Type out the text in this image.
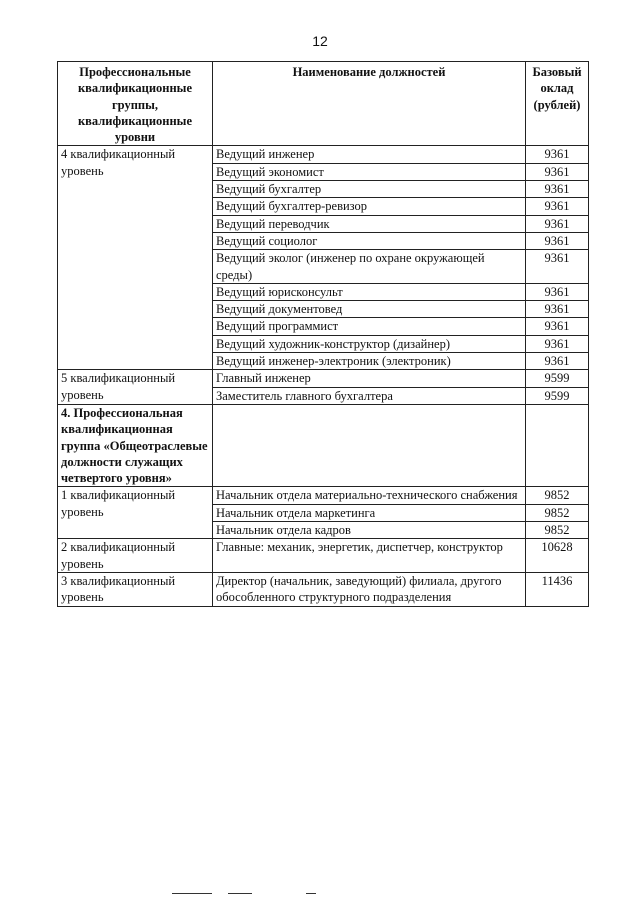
12
Профессиональные квалификационные группы, квалификационные уровни	Наименование должностей	Базовый оклад (рублей)
4 квалификационный уровень	Ведущий инженер	9361
	Ведущий экономист	9361
	Ведущий бухгалтер	9361
	Ведущий бухгалтер-ревизор	9361
	Ведущий переводчик	9361
	Ведущий социолог	9361
	Ведущий эколог (инженер по охране окружающей среды)	9361
	Ведущий юрисконсульт	9361
	Ведущий документовед	9361
	Ведущий программист	9361
	Ведущий художник-конструктор (дизайнер)	9361
	Ведущий инженер-электроник (электроник)	9361
5 квалификационный уровень	Главный инженер	9599
	Заместитель главного бухгалтера	9599
4. Профессиональная квалификационная группа «Общеотраслевые должности служащих четвертого уровня»		
1 квалификационный уровень	Начальник отдела материально-технического снабжения	9852
	Начальник отдела маркетинга	9852
	Начальник отдела кадров	9852
2 квалификационный уровень	Главные: механик, энергетик, диспетчер, конструктор	10628
3 квалификационный уровень	Директор (начальник, заведующий) филиала, другого обособленного структурного подразделения	11436
